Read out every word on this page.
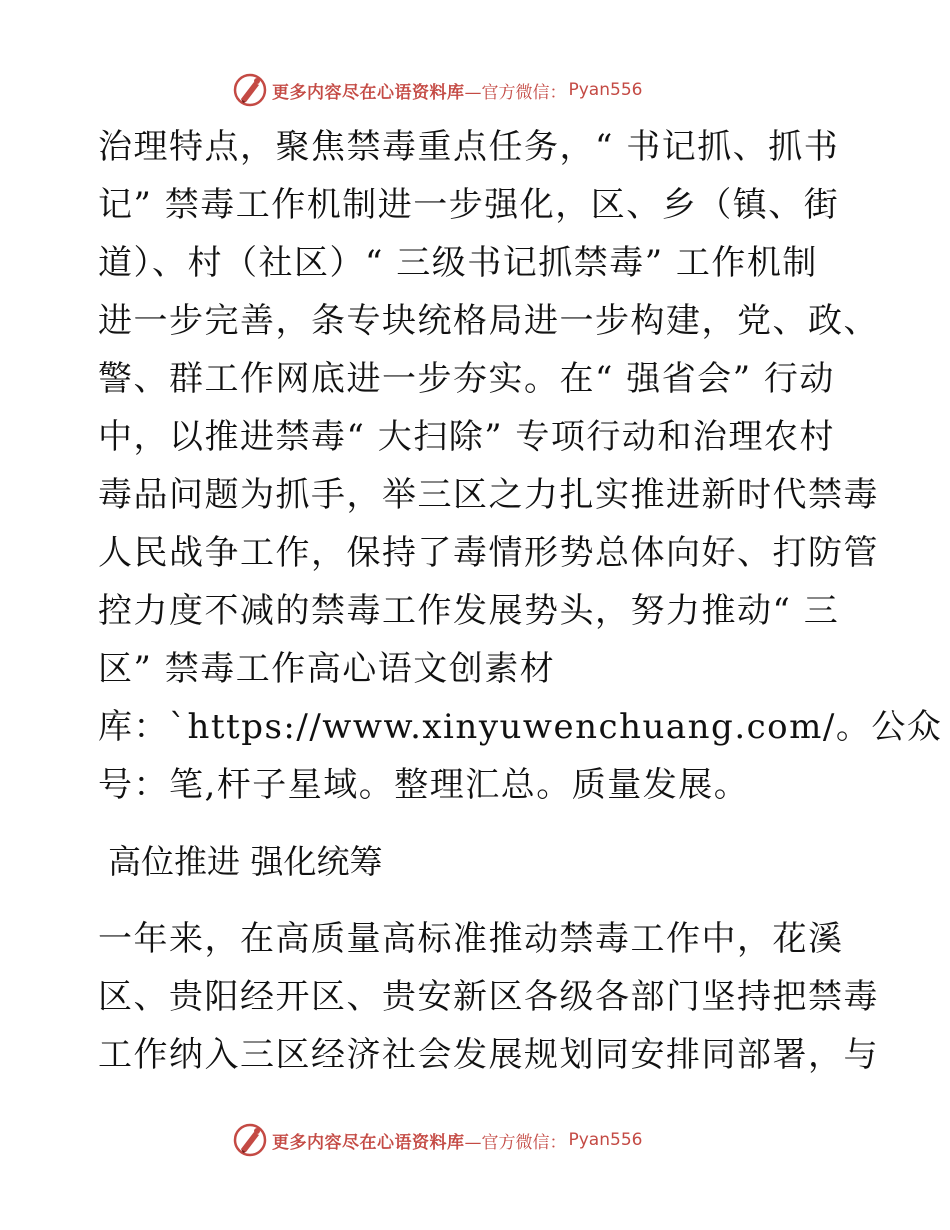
更多内容尽在心语资料库 —官方微信： Pyan556
治理特点，聚焦禁毒重点任务，“ 书记抓、抓书
记” 禁毒工作机制进一步强化，区、乡（镇、街
道）、村（社区）“ 三级书记抓禁毒” 工作机制
进一步完善，条专块统格局进一步构建，党、政、
警、群工作网底进一步夯实。在“ 强省会” 行动
中，以推进禁毒“ 大扫除” 专项行动和治理农村
毒品问题为抓手，举三区之力扎实推进新时代禁毒
人民战争工作，保持了毒情形势总体向好、打防管
控力度不减的禁毒工作发展势头，努力推动“ 三
区” 禁毒工作高心语文创素材
库：`https://www.xinyuwenchuang.com/。公众
号：笔,杆子星域。整理汇总。质量发展。
高位推进 强化统筹
一年来，在高质量高标准推动禁毒工作中，花溪
区、贵阳经开区、贵安新区各级各部门坚持把禁毒
工作纳入三区经济社会发展规划同安排同部署，与
更多内容尽在心语资料库 —官方微信： Pyan556
